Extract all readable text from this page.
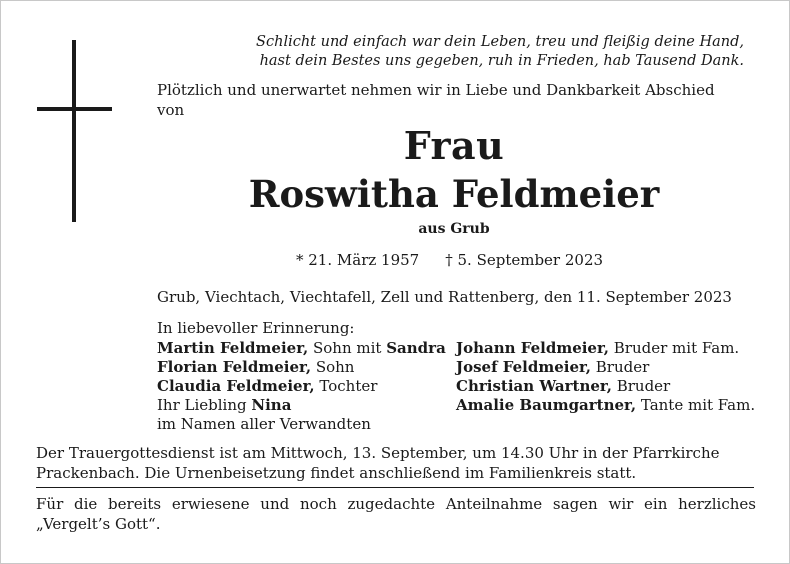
Schlicht und einfach war dein Leben, treu und fleißig deine Hand,
hast dein Bestes uns gegeben, ruh in Frieden, hab Tausend Dank.
Plötzlich und unerwartet nehmen wir in Liebe und Dankbarkeit Abschied
von
Frau
Roswitha Feldmeier
aus Grub
* 21. März 1957 † 5. September 2023
Grub, Viechtach, Viechtafell, Zell und Rattenberg, den 11. September 2023
In liebevoller Erinnerung:
Martin Feldmeier, Sohn mit Sandra
Florian Feldmeier, Sohn
Claudia Feldmeier, Tochter
Ihr Liebling Nina
im Namen aller Verwandten
Johann Feldmeier, Bruder mit Fam.
Josef Feldmeier, Bruder
Christian Wartner, Bruder
Amalie Baumgartner, Tante mit Fam.
Der Trauergottesdienst ist am Mittwoch, 13. September, um 14.30 Uhr in der Pfarrkirche
Prackenbach. Die Urnenbeisetzung findet anschließend im Familienkreis statt.
Für die bereits erwiesene und noch zugedachte Anteilnahme sagen wir ein herzliches
„Vergelt’s Gott“.
